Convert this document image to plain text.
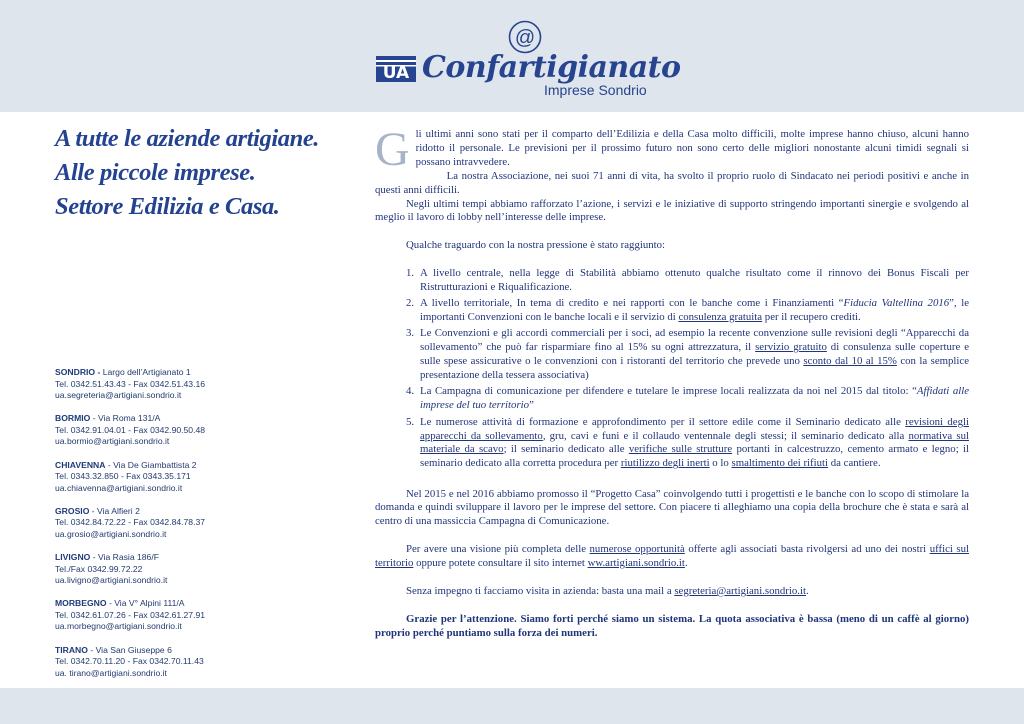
@
UA Confartigianato
Imprese Sondrio
A tutte le aziende artigiane.
Alle piccole imprese.
Settore Edilizia e Casa.
SONDRIO - Largo dell’Artigianato 1
Tel. 0342.51.43.43 - Fax 0342.51.43.16
ua.segreteria@artigiani.sondrio.it
BORMIO - Via Roma 131/A
Tel. 0342.91.04.01 - Fax 0342.90.50.48
ua.bormio@artigiani.sondrio.it
CHIAVENNA - Via De Giambattista 2
Tel. 0343.32.850 - Fax 0343.35.171
ua.chiavenna@artigiani.sondrio.it
GROSIO - Via Alfieri 2
Tel. 0342.84.72.22 - Fax 0342.84.78.37
ua.grosio@artigiani.sondrio.it
LIVIGNO - Via Rasia 186/F
Tel./Fax 0342.99.72.22
ua.livigno@artigiani.sondrio.it
MORBEGNO - Via V° Alpini 111/A
Tel. 0342.61.07.26 - Fax 0342.61.27.91
ua.morbegno@artigiani.sondrio.it
TIRANO - Via San Giuseppe 6
Tel. 0342.70.11.20 - Fax 0342.70.11.43
ua. tirano@artigiani.sondrio.it
G li ultimi anni sono stati per il comparto dell’Edilizia e della Casa molto difficili, molte imprese hanno chiuso, alcuni hanno ridotto il personale. Le previsioni per il prossimo futuro non sono certo delle migliori nonostante alcuni timidi segnali si possano intravvedere.

La nostra Associazione, nei suoi 71 anni di vita, ha svolto il proprio ruolo di Sindacato nei periodi positivi e anche in questi anni difficili.

Negli ultimi tempi abbiamo rafforzato l’azione, i servizi e le iniziative di supporto stringendo importanti sinergie e svolgendo al meglio il lavoro di lobby nell’interesse delle imprese.

Qualche traguardo con la nostra pressione è stato raggiunto:

1. A livello centrale, nella legge di Stabilità abbiamo ottenuto qualche risultato come il rinnovo dei Bonus Fiscali per Ristrutturazioni e Riqualificazione.
2. A livello territoriale, In tema di credito e nei rapporti con le banche come i Finanziamenti “Fiducia Valtellina 2016”, le importanti Convenzioni con le banche locali e il servizio di consulenza gratuita per il recupero crediti.
3. Le Convenzioni e gli accordi commerciali per i soci, ad esempio la recente convenzione sulle revisioni degli “Apparecchi da sollevamento” che può far risparmiare fino al 15% su ogni attrezzatura, il servizio gratuito di consulenza sulle coperture e sulle spese assicurative o le convenzioni con i ristoranti del territorio che prevede uno sconto dal 10 al 15% con la semplice presentazione della tessera associativa)
4. La Campagna di comunicazione per difendere e tutelare le imprese locali realizzata da noi nel 2015 dal titolo: “Affidati alle imprese del tuo territorio”
5. Le numerose attività di formazione e approfondimento per il settore edile come il Seminario dedicato alle revisioni degli apparecchi da sollevamento, gru, cavi e funi e il collaudo ventennale degli stessi; il seminario dedicato alla normativa sul materiale da scavo; il seminario dedicato alle verifiche sulle strutture portanti in calcestruzzo, cemento armato e legno; il seminario dedicato alla corretta procedura per riutilizzo degli inerti o lo smaltimento dei rifiuti da cantiere.

Nel 2015 e nel 2016 abbiamo promosso il “Progetto Casa” coinvolgendo tutti i progettisti e le banche con lo scopo di stimolare la domanda e quindi sviluppare il lavoro per le imprese del settore. Con piacere ti alleghiamo una copia della brochure che è stata e sarà al centro di una massiccia Campagna di Comunicazione.

Per avere una visione più completa delle numerose opportunità offerte agli associati basta rivolgersi ad uno dei nostri uffici sul territorio oppure potete consultare il sito internet ww.artigiani.sondrio.it.

Senza impegno ti facciamo visita in azienda: basta una mail a segreteria@artigiani.sondrio.it.

Grazie per l’attenzione. Siamo forti perché siamo un sistema. La quota associativa è bassa (meno di un caffè al giorno) proprio perché puntiamo sulla forza dei numeri.
